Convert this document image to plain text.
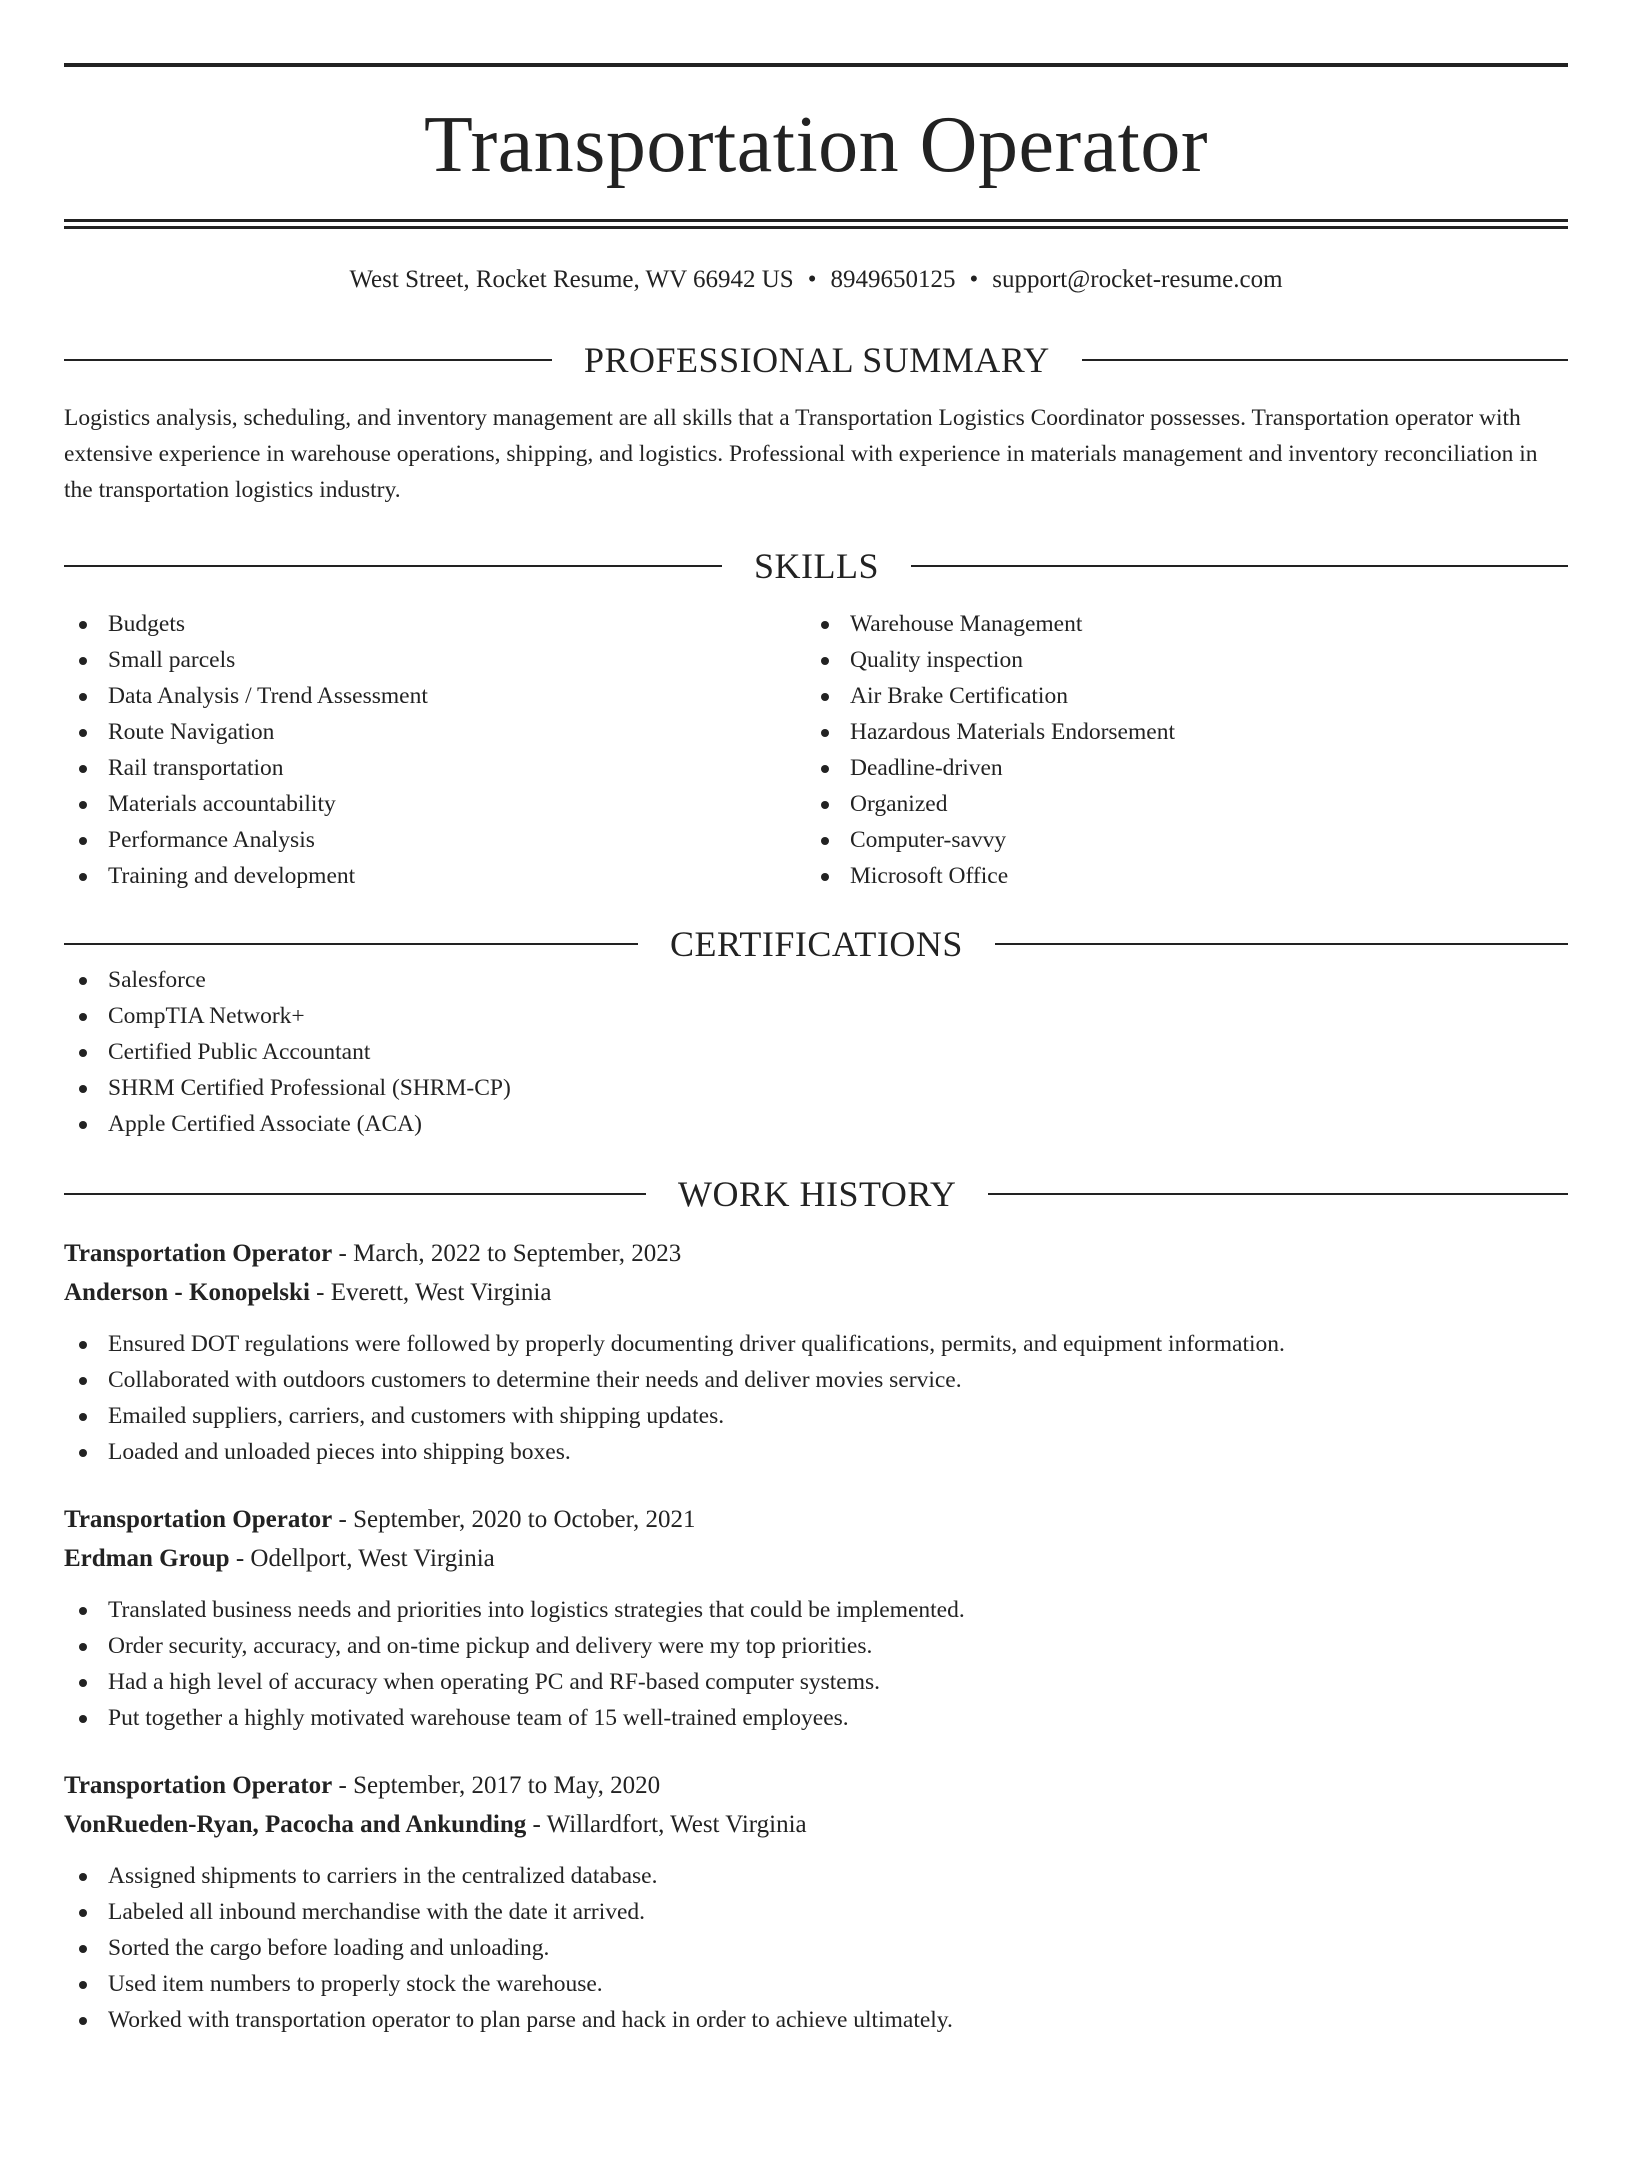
Transportation Operator
West Street, Rocket Resume, WV 66942 US • 8949650125 • support@rocket-resume.com
PROFESSIONAL SUMMARY

Logistics analysis, scheduling, and inventory management are all skills that a Transportation Logistics Coordinator possesses. Transportation operator with extensive experience in warehouse operations, shipping, and logistics. Professional with experience in materials management and inventory reconciliation in the transportation logistics industry.

SKILLS
Budgets
Small parcels
Data Analysis / Trend Assessment
Route Navigation
Rail transportation
Materials accountability
Performance Analysis
Training and development
Warehouse Management
Quality inspection
Air Brake Certification
Hazardous Materials Endorsement
Deadline-driven
Organized
Computer-savvy
Microsoft Office
CERTIFICATIONS
Salesforce
CompTIA Network+
Certified Public Accountant
SHRM Certified Professional (SHRM-CP)
Apple Certified Associate (ACA)
WORK HISTORY
Transportation Operator - March, 2022 to September, 2023
Anderson - Konopelski - Everett, West Virginia
Ensured DOT regulations were followed by properly documenting driver qualifications, permits, and equipment information.
Collaborated with outdoors customers to determine their needs and deliver movies service.
Emailed suppliers, carriers, and customers with shipping updates.
Loaded and unloaded pieces into shipping boxes.
Transportation Operator - September, 2020 to October, 2021
Erdman Group - Odellport, West Virginia
Translated business needs and priorities into logistics strategies that could be implemented.
Order security, accuracy, and on-time pickup and delivery were my top priorities.
Had a high level of accuracy when operating PC and RF-based computer systems.
Put together a highly motivated warehouse team of 15 well-trained employees.
Transportation Operator - September, 2017 to May, 2020
VonRueden-Ryan, Pacocha and Ankunding - Willardfort, West Virginia
Assigned shipments to carriers in the centralized database.
Labeled all inbound merchandise with the date it arrived.
Sorted the cargo before loading and unloading.
Used item numbers to properly stock the warehouse.
Worked with transportation operator to plan parse and hack in order to achieve ultimately.
